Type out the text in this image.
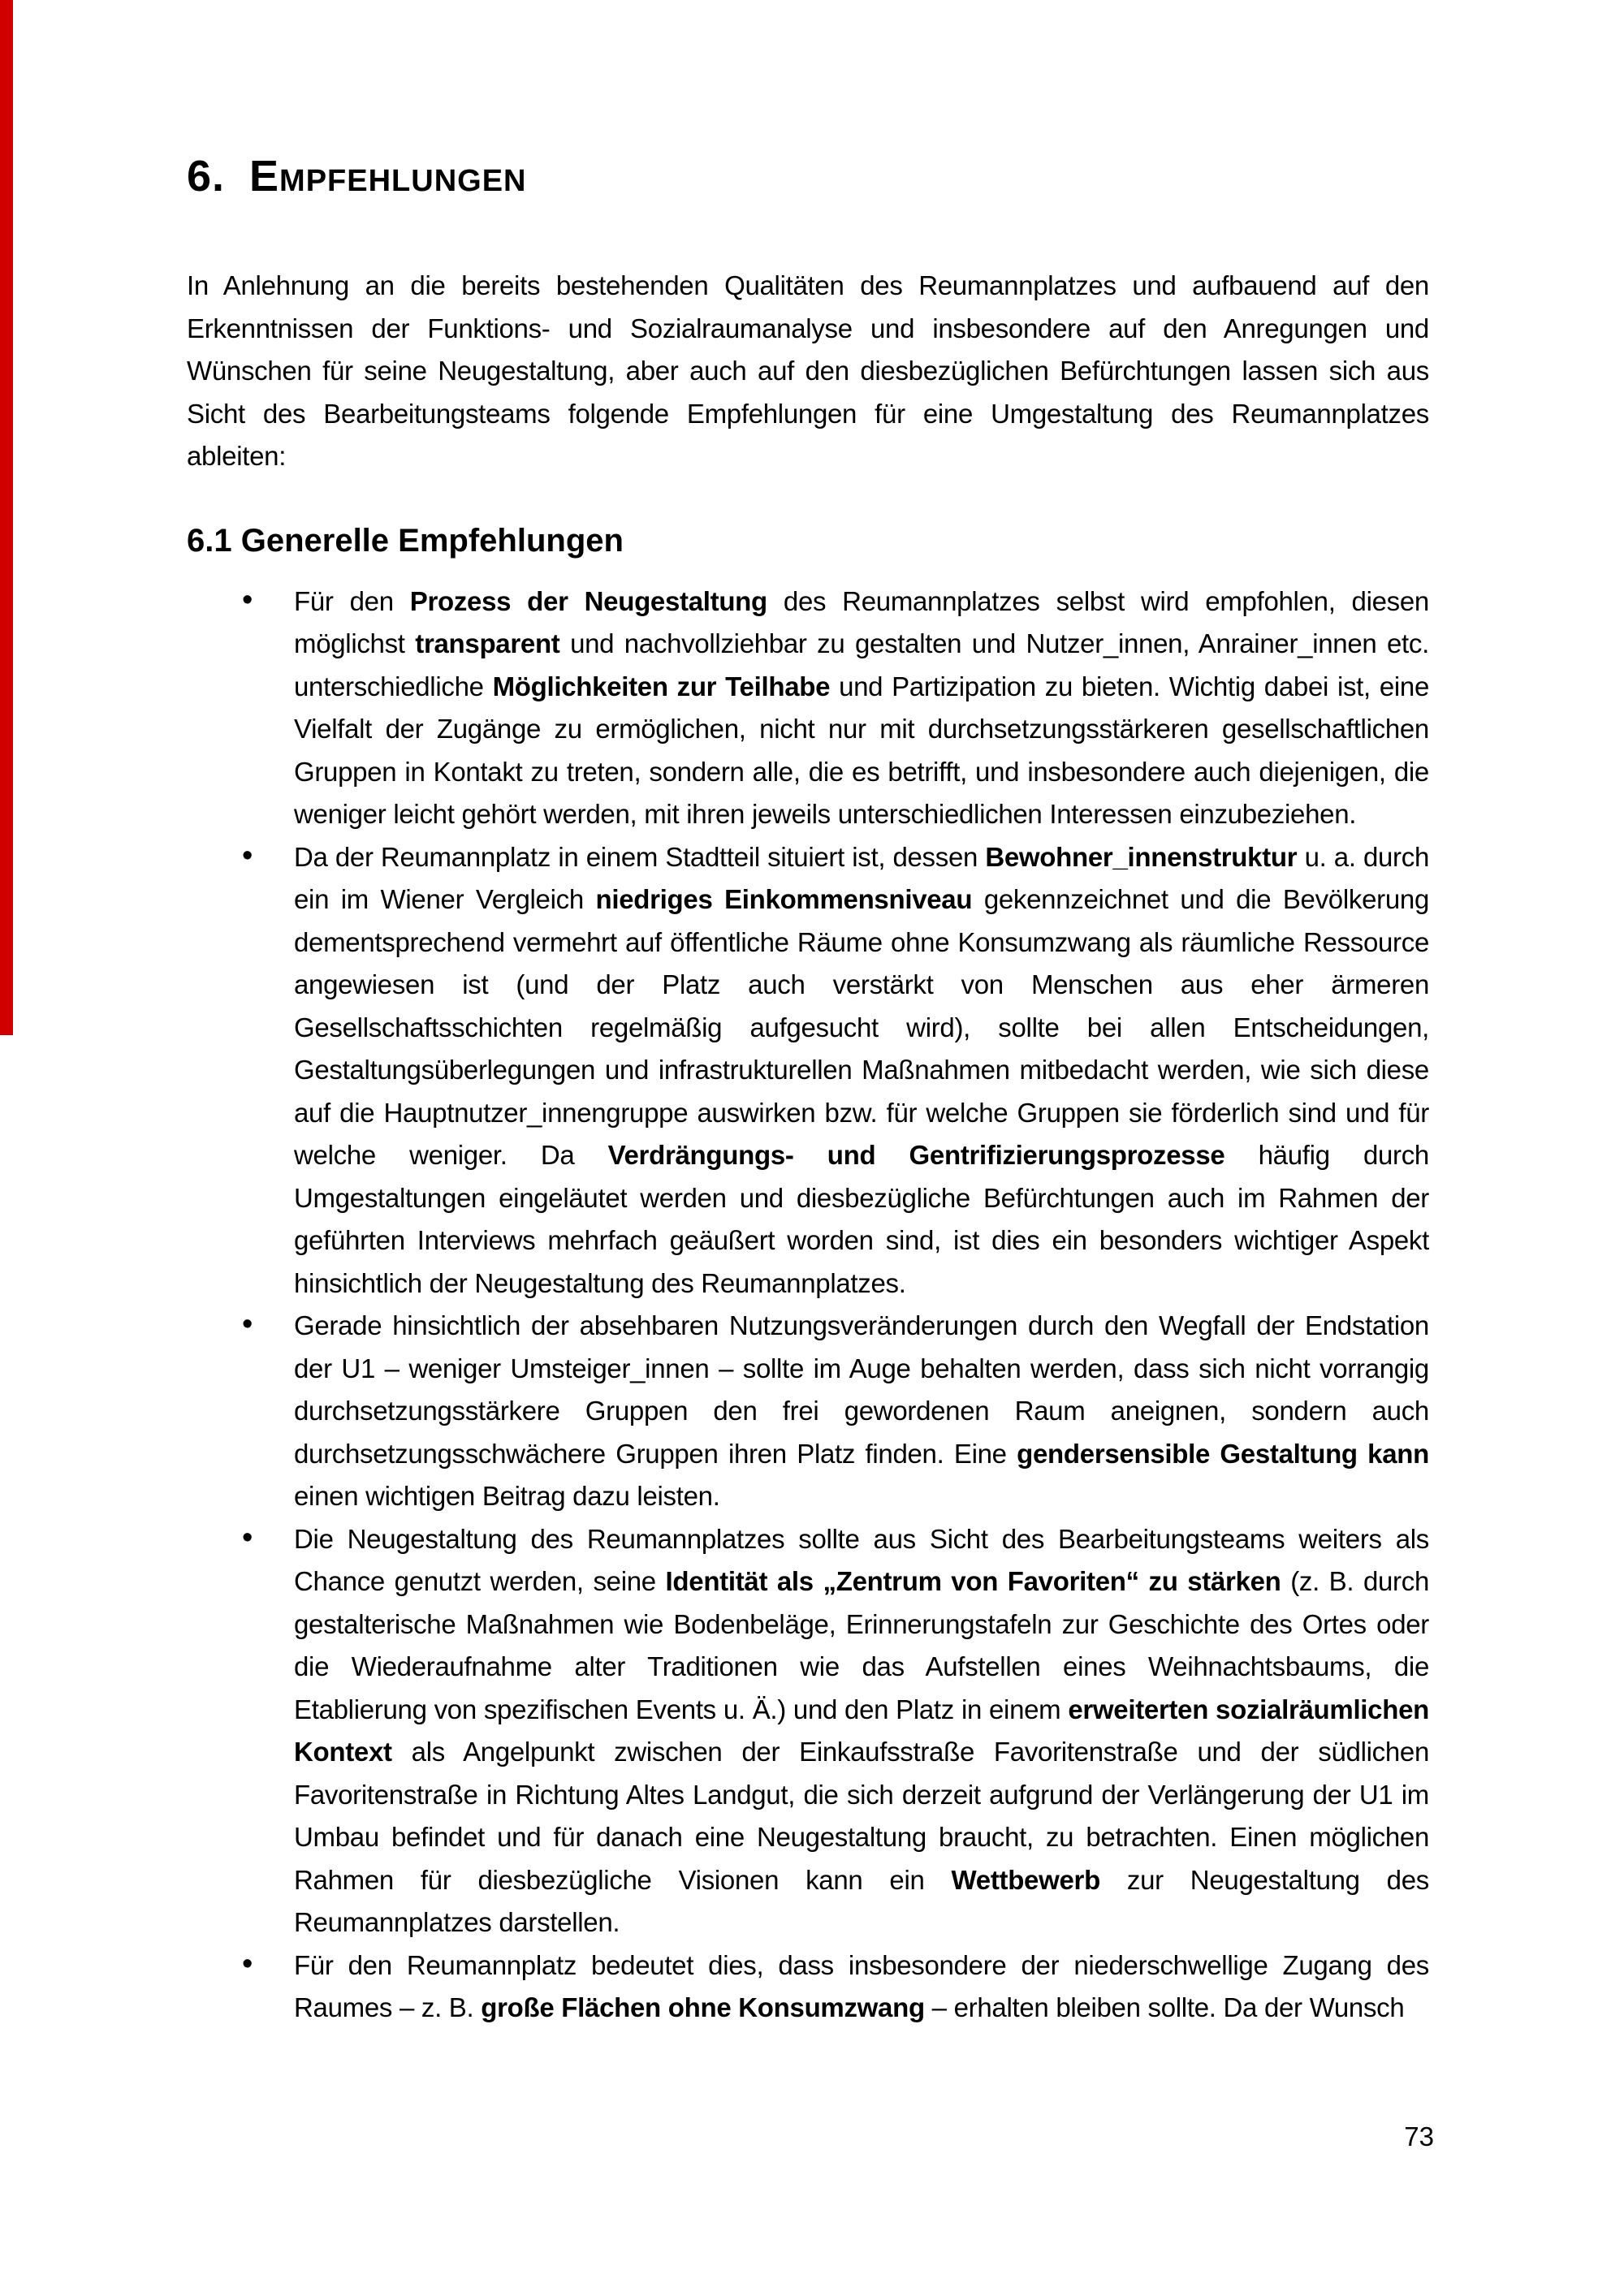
6. Empfehlungen

In Anlehnung an die bereits bestehenden Qualitäten des Reumannplatzes und aufbauend auf den Erkenntnissen der Funktions- und Sozialraumanalyse und insbesondere auf den Anregungen und Wünschen für seine Neugestaltung, aber auch auf den diesbezüglichen Befürchtungen lassen sich aus Sicht des Bearbeitungsteams folgende Empfehlungen für eine Umgestaltung des Reumannplatzes ableiten:

6.1 Generelle Empfehlungen
• Für den Prozess der Neugestaltung des Reumannplatzes selbst wird empfohlen, diesen möglichst transparent und nachvollziehbar zu gestalten und Nutzer_innen, Anrainer_innen etc. unterschiedliche Möglichkeiten zur Teilhabe und Partizipation zu bieten. Wichtig dabei ist, eine Vielfalt der Zugänge zu ermöglichen, nicht nur mit durchsetzungsstärkeren gesellschaftlichen Gruppen in Kontakt zu treten, sondern alle, die es betrifft, und insbesondere auch diejenigen, die weniger leicht gehört werden, mit ihren jeweils unterschiedlichen Interessen einzubeziehen.
• Da der Reumannplatz in einem Stadtteil situiert ist, dessen Bewohner_innenstruktur u. a. durch ein im Wiener Vergleich niedriges Einkommensniveau gekennzeichnet und die Bevölkerung dementsprechend vermehrt auf öffentliche Räume ohne Konsumzwang als räumliche Ressource angewiesen ist (und der Platz auch verstärkt von Menschen aus eher ärmeren Gesellschaftsschichten regelmäßig aufgesucht wird), sollte bei allen Entscheidungen, Gestaltungsüberlegungen und infrastrukturellen Maßnahmen mitbedacht werden, wie sich diese auf die Hauptnutzer_innengruppe auswirken bzw. für welche Gruppen sie förderlich sind und für welche weniger. Da Verdrängungs- und Gentrifizierungsprozesse häufig durch Umgestaltungen eingeläutet werden und diesbezügliche Befürchtungen auch im Rahmen der geführten Interviews mehrfach geäußert worden sind, ist dies ein besonders wichtiger Aspekt hinsichtlich der Neugestaltung des Reumannplatzes.
• Gerade hinsichtlich der absehbaren Nutzungsveränderungen durch den Wegfall der Endstation der U1 – weniger Umsteiger_innen – sollte im Auge behalten werden, dass sich nicht vorrangig durchsetzungsstärkere Gruppen den frei gewordenen Raum aneignen, sondern auch durchsetzungsschwächere Gruppen ihren Platz finden. Eine gendersensible Gestaltung kann einen wichtigen Beitrag dazu leisten.
• Die Neugestaltung des Reumannplatzes sollte aus Sicht des Bearbeitungsteams weiters als Chance genutzt werden, seine Identität als „Zentrum von Favoriten“ zu stärken (z. B. durch gestalterische Maßnahmen wie Bodenbeläge, Erinnerungstafeln zur Geschichte des Ortes oder die Wiederaufnahme alter Traditionen wie das Aufstellen eines Weihnachtsbaums, die Etablierung von spezifischen Events u. Ä.) und den Platz in einem erweiterten sozialräumlichen Kontext als Angelpunkt zwischen der Einkaufsstraße Favoritenstraße und der südlichen Favoritenstraße in Richtung Altes Landgut, die sich derzeit aufgrund der Verlängerung der U1 im Umbau befindet und für danach eine Neugestaltung braucht, zu betrachten. Einen möglichen Rahmen für diesbezügliche Visionen kann ein Wettbewerb zur Neugestaltung des Reumannplatzes darstellen.
• Für den Reumannplatz bedeutet dies, dass insbesondere der niederschwellige Zugang des Raumes – z. B. große Flächen ohne Konsumzwang – erhalten bleiben sollte. Da der Wunsch
73
